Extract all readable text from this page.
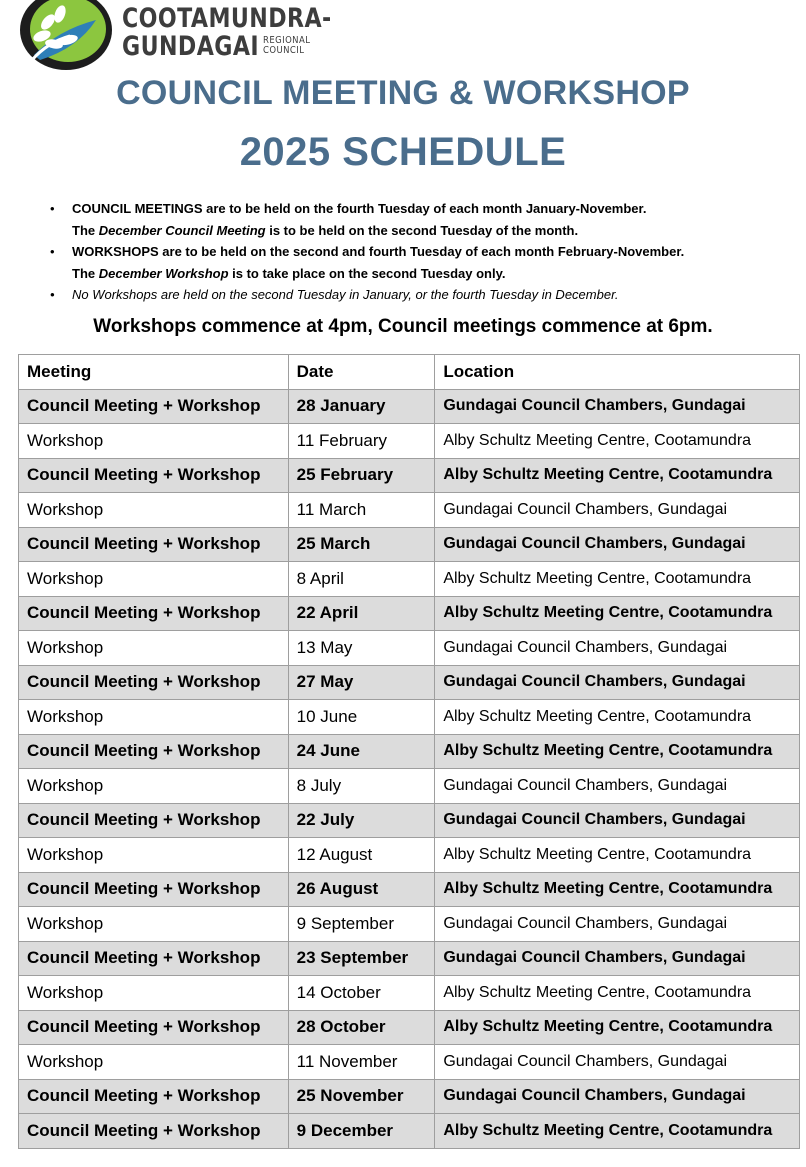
COOTAMUNDRA-
GUNDAGAI REGIONAL
COUNCIL
COUNCIL MEETING & WORKSHOP
2025 SCHEDULE
• COUNCIL MEETINGS are to be held on the fourth Tuesday of each month January-November.
The December Council Meeting is to be held on the second Tuesday of the month.
• WORKSHOPS are to be held on the second and fourth Tuesday of each month February-November.
The December Workshop is to take place on the second Tuesday only.
• No Workshops are held on the second Tuesday in January, or the fourth Tuesday in December.
Workshops commence at 4pm, Council meetings commence at 6pm.
Meeting	Date	Location
Council Meeting + Workshop	28 January	Gundagai Council Chambers, Gundagai
Workshop	11 February	Alby Schultz Meeting Centre, Cootamundra
Council Meeting + Workshop	25 February	Alby Schultz Meeting Centre, Cootamundra
Workshop	11 March	Gundagai Council Chambers, Gundagai
Council Meeting + Workshop	25 March	Gundagai Council Chambers, Gundagai
Workshop	8 April	Alby Schultz Meeting Centre, Cootamundra
Council Meeting + Workshop	22 April	Alby Schultz Meeting Centre, Cootamundra
Workshop	13 May	Gundagai Council Chambers, Gundagai
Council Meeting + Workshop	27 May	Gundagai Council Chambers, Gundagai
Workshop	10 June	Alby Schultz Meeting Centre, Cootamundra
Council Meeting + Workshop	24 June	Alby Schultz Meeting Centre, Cootamundra
Workshop	8 July	Gundagai Council Chambers, Gundagai
Council Meeting + Workshop	22 July	Gundagai Council Chambers, Gundagai
Workshop	12 August	Alby Schultz Meeting Centre, Cootamundra
Council Meeting + Workshop	26 August	Alby Schultz Meeting Centre, Cootamundra
Workshop	9 September	Gundagai Council Chambers, Gundagai
Council Meeting + Workshop	23 September	Gundagai Council Chambers, Gundagai
Workshop	14 October	Alby Schultz Meeting Centre, Cootamundra
Council Meeting + Workshop	28 October	Alby Schultz Meeting Centre, Cootamundra
Workshop	11 November	Gundagai Council Chambers, Gundagai
Council Meeting + Workshop	25 November	Gundagai Council Chambers, Gundagai
Council Meeting + Workshop	9 December	Alby Schultz Meeting Centre, Cootamundra
